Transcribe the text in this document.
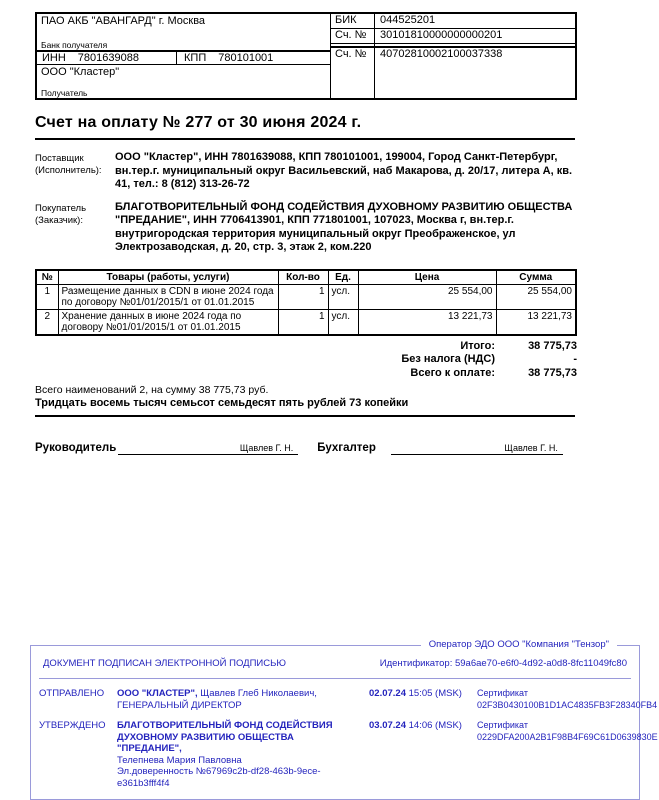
ПАО АКБ "АВАНГАРД" г. Москва
Банк получателя
ИНН 7801639088	КПП 780101001
ООО "Кластер"
Получатель
БИК	044525201
Сч. №	30101810000000000201
Сч. №	40702810002100037338
Счет на оплату № 277 от 30 июня 2024 г.
Поставщик
(Исполнитель):
ООО "Кластер", ИНН 7801639088, КПП 780101001, 199004, Город Санкт-Петербург, вн.тер.г. муниципальный округ Васильевский, наб Макарова, д. 20/17, литера А, кв. 41, тел.: 8 (812) 313-26-72
Покупатель
(Заказчик):
БЛАГОТВОРИТЕЛЬНЫЙ ФОНД СОДЕЙСТВИЯ ДУХОВНОМУ РАЗВИТИЮ ОБЩЕСТВА "ПРЕДАНИЕ", ИНН 7706413901, КПП 771801001, 107023, Москва г, вн.тер.г. внутригородская территория муниципальный округ Преображенское, ул Электрозаводская, д. 20, стр. 3, этаж 2, ком.220
№	Товары (работы, услуги)	Кол-во	Ед.	Цена	Сумма
1	Размещение данных в CDN в июне 2024 года по договору №01/01/2015/1 от 01.01.2015	1	усл.	25 554,00	25 554,00
2	Хранение данных в июне 2024 года по договору №01/01/2015/1 от 01.01.2015	1	усл.	13 221,73	13 221,73
Итого:	38 775,73
Без налога (НДС)	-
Всего к оплате:	38 775,73
Всего наименований 2, на сумму 38 775,73 руб.
Тридцать восемь тысяч семьсот семьдесят пять рублей 73 копейки
Руководитель	Щавлев Г. Н.	Бухгалтер	Щавлев Г. Н.
Оператор ЭДО ООО "Компания "Тензор"
ДОКУМЕНТ ПОДПИСАН ЭЛЕКТРОННОЙ ПОДПИСЬЮ	Идентификатор: 59a6ae70-e6f0-4d92-a0d8-8fc11049fc80
ОТПРАВЛЕНО	ООО "КЛАСТЕР", Щавлев Глеб Николаевич, ГЕНЕРАЛЬНЫЙ ДИРЕКТОР
02.07.24 15:05 (MSK)	Сертификат 02F3B0430100B1D1AC4835FB3F28340FB4
УТВЕРЖДЕНО	БЛАГОТВОРИТЕЛЬНЫЙ ФОНД СОДЕЙСТВИЯ ДУХОВНОМУ РАЗВИТИЮ ОБЩЕСТВА "ПРЕДАНИЕ",
Телепнева Мария Павловна
Эл.доверенность №67969c2b-df28-463b-9ece-e361b3fff4f4
03.07.24 14:06 (MSK)	Сертификат 0229DFA200A2B1F98B4F69C61D0639830E
